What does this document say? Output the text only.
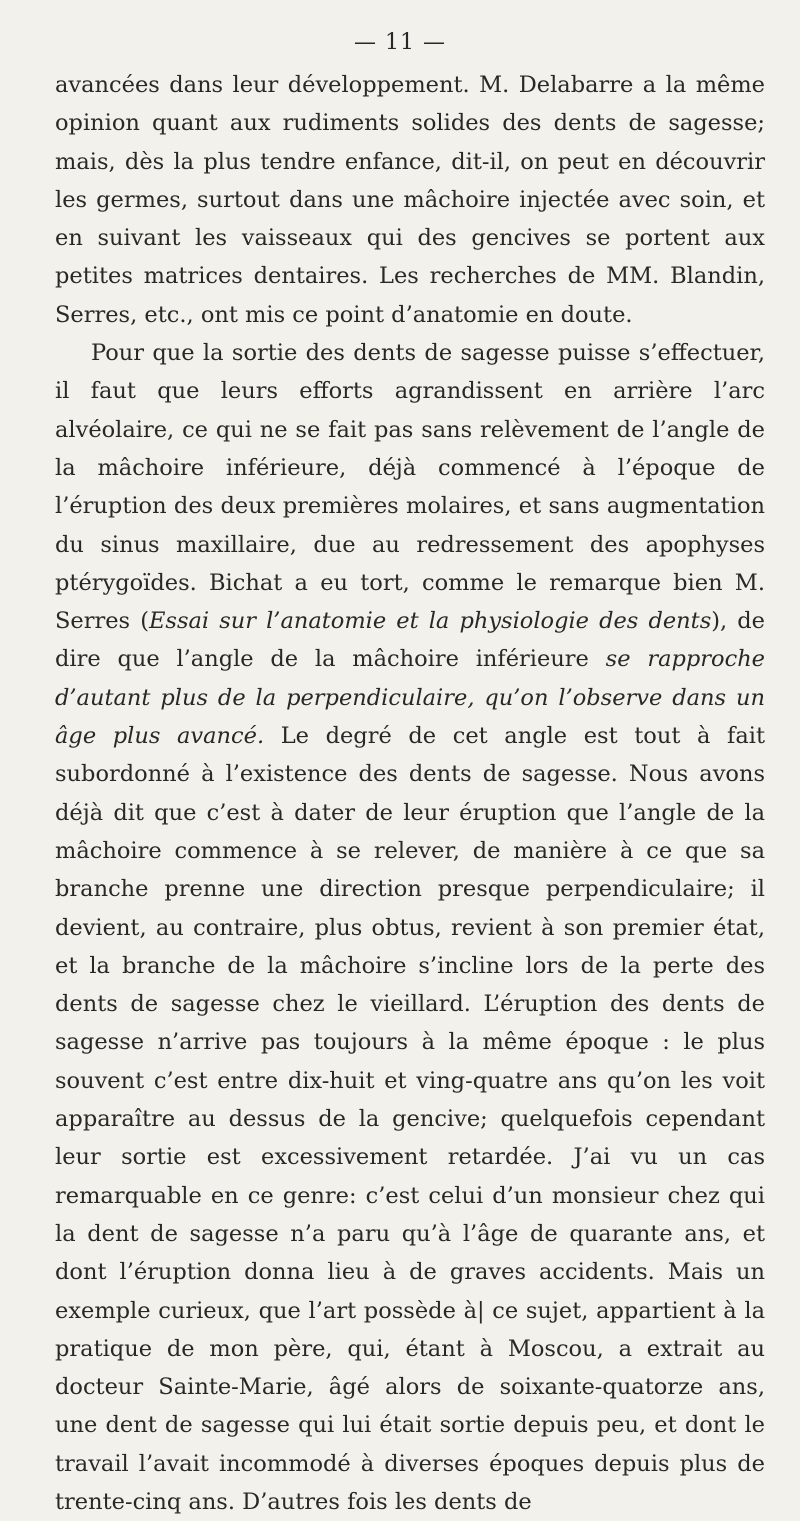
— 11 —

avancées dans leur développement. M. Delabarre a la même opinion quant aux rudiments solides des dents de sagesse; mais, dès la plus tendre enfance, dit-il, on peut en découvrir les germes, surtout dans une mâchoire injectée avec soin, et en suivant les vaisseaux qui des gencives se portent aux petites matrices dentaires. Les recherches de MM. Blandin, Serres, etc., ont mis ce point d’anatomie en doute.

Pour que la sortie des dents de sagesse puisse s’effectuer, il faut que leurs efforts agrandissent en arrière l’arc alvéolaire, ce qui ne se fait pas sans relèvement de l’angle de la mâchoire inférieure, déjà commencé à l’époque de l’éruption des deux premières molaires, et sans augmentation du sinus maxillaire, due au redressement des apophyses ptérygoïdes. Bichat a eu tort, comme le remarque bien M. Serres (Essai sur l’anatomie et la physiologie des dents), de dire que l’angle de la mâchoire inférieure se rapproche d’autant plus de la perpendiculaire, qu’on l’observe dans un âge plus avancé. Le degré de cet angle est tout à fait subordonné à l’existence des dents de sagesse. Nous avons déjà dit que c’est à dater de leur éruption que l’angle de la mâchoire commence à se relever, de manière à ce que sa branche prenne une direction presque perpendiculaire; il devient, au contraire, plus obtus, revient à son premier état, et la branche de la mâchoire s’incline lors de la perte des dents de sagesse chez le vieillard. L’éruption des dents de sagesse n’arrive pas toujours à la même époque : le plus souvent c’est entre dix-huit et ving-quatre ans qu’on les voit apparaître au dessus de la gencive; quelquefois cependant leur sortie est excessivement retardée. J’ai vu un cas remarquable en ce genre: c’est celui d’un monsieur chez qui la dent de sagesse n’a paru qu’à l’âge de quarante ans, et dont l’éruption donna lieu à de graves accidents. Mais un exemple curieux, que l’art possède à| ce sujet, appartient à la pratique de mon père, qui, étant à Moscou, a extrait au docteur Sainte-Marie, âgé alors de soixante-quatorze ans, une dent de sagesse qui lui était sortie depuis peu, et dont le travail l’avait incommodé à diverses époques depuis plus de trente-cinq ans. D’autres fois les dents de
